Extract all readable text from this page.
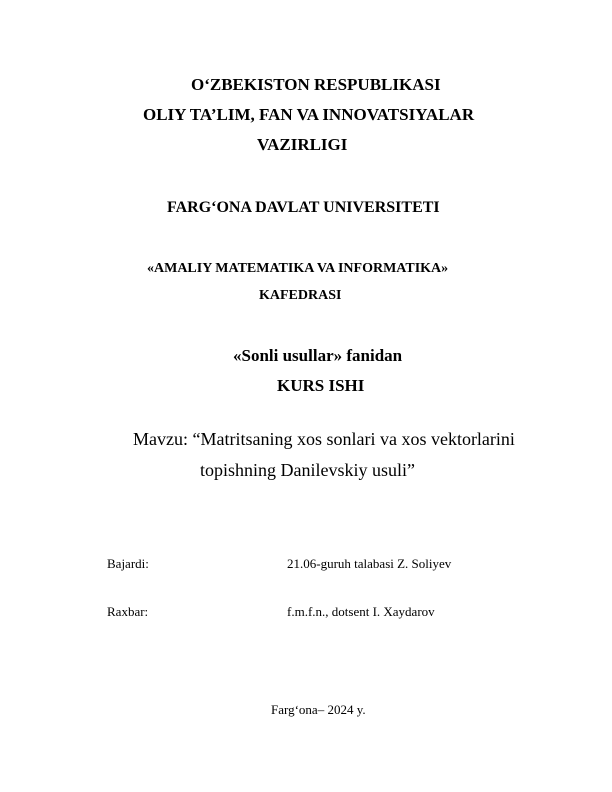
O‘ZBEKISTON RESPUBLIKASI
OLIY TA’LIM, FAN VA INNOVATSIYALAR
VAZIRLIGI
FARG‘ONA DAVLAT UNIVERSITETI
«AMALIY MATEMATIKA VA INFORMATIKA»
KAFEDRASI
«Sonli usullar» fanidan
KURS ISHI
Mavzu: “Matritsaning xos sonlari va xos vektorlarini
topishning Danilevskiy usuli”
Bajardi:	21.06-guruh talabasi Z. Soliyev
Raxbar:	f.m.f.n., dotsent I. Xaydarov
Farg‘ona– 2024 y.
